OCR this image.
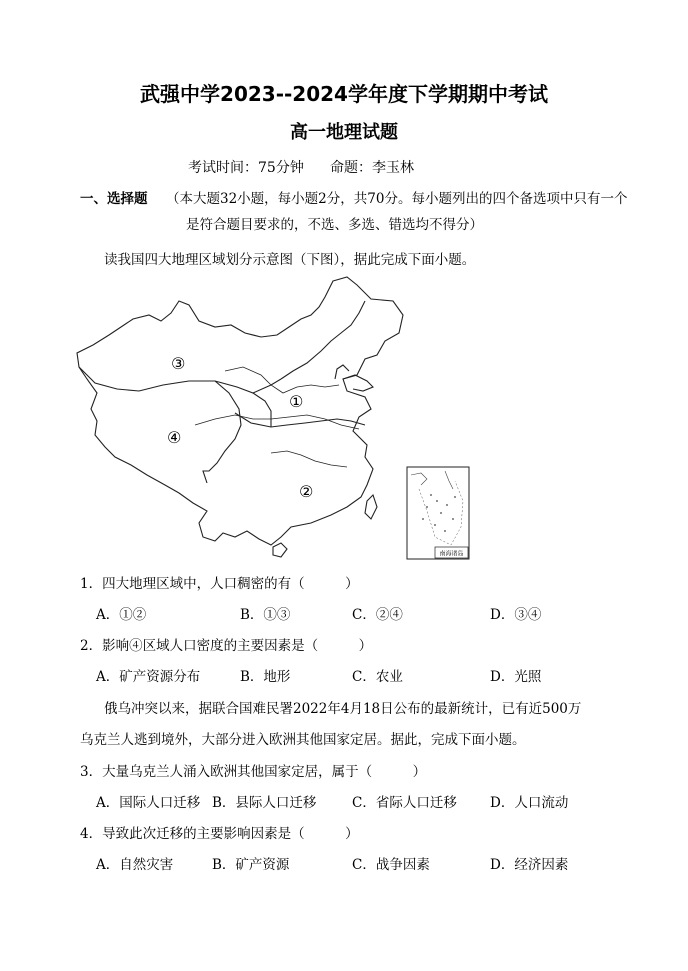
武强中学2023--2024学年度下学期期中考试
高一地理试题
考试时间：75分钟 命题：李玉林
一、选择题 （本大题32小题，每小题2分，共70分。每小题列出的四个备选项中只有一个
是符合题目要求的，不选、多选、错选均不得分）
读我国四大地理区域划分示意图（下图），据此完成下面小题。
①
②
③
④
南海诸岛
1．四大地理区域中，人口稠密的有（　　　）
A．①②	B．①③	C．②④	D．③④
2．影响④区域人口密度的主要因素是（　　　）
A．矿产资源分布	B．地形	C．农业	D．光照
俄乌冲突以来，据联合国难民署2022年4月18日公布的最新统计，已有近500万
乌克兰人逃到境外，大部分进入欧洲其他国家定居。据此，完成下面小题。
3．大量乌克兰人涌入欧洲其他国家定居，属于（　　　）
A．国际人口迁移 B．县际人口迁移	C．省际人口迁移 D．人口流动
4．导致此次迁移的主要影响因素是（　　　）
A．自然灾害	B．矿产资源	C．战争因素	D．经济因素
